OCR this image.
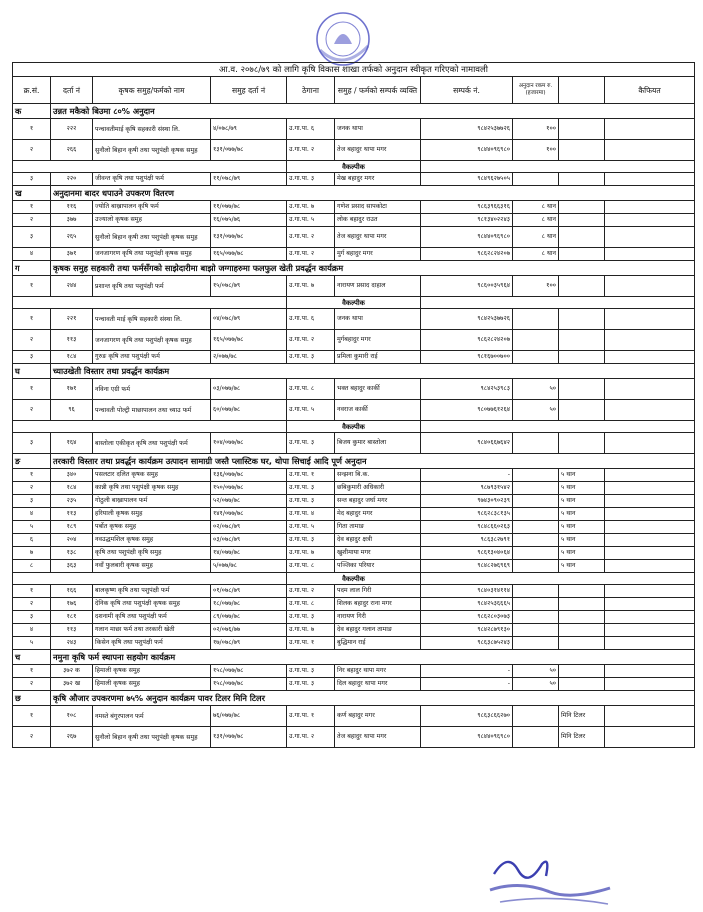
आ.व. २०७८/७९ को लागि कृषि विकास शाखा तर्फको अनुदान स्वीकृत गरिएको नामावली									
क्र.सं.	दर्ता नं	कृषक समुह/फर्मको नाम	समुह दर्ता नं	ठेगाना	समुह / फर्मको सम्पर्क व्यक्ति	सम्पर्क नं.	अनुदान रकम रु.(हजारमा)		कैफियत
क	उन्नत मकैको बिउमा ८०% अनुदान								
१	२२२	पन्चावतीमाई कृषि सहकारी संस्था लि.	४/०७८/७९	उ.गा.पा. ६	जनक थापा	९८४२५३७७२६	१००		
२	२६६	सुनौलो बिहान कृषी तथा पशुपंक्षी कृषक समुह	१३१/०७७/७८	उ.गा.पा. २	तेज बहादुर थापा मगर	९८४४०९६९८०	१००		
				वैकल्पीक					
३	२२०	जीवन्त कृषि तथा पशुपंक्षी फर्म	११/०७८/७९	उ.गा.पा. ३	मेख बहादुर मगर	९८४९६२७५०५			
ख	अनुदानमा बादर धपाउने उपकरण वितरण								
१	११६	ज्योति बाख्रापालन कृषि फर्म	११/०७७/७८	उ.गा.पा. ७	गणेश प्रसाद सापकोटा	९८६३९६६३१६	८ थान		
२	३७७	उज्यालो कृषक समुह	१६/०७५/७६	उ.गा.पा. ५	लोक बहादुर राउत	९८१३४०२२४३	८ थान		
३	२६५	सुनौलो बिहान कृषी तथा पशुपंक्षी कृषक समुह	१३१/०७७/७८	उ.गा.पा. २	तेज बहादुर थापा मगर	९८४४०९६९८०	८ थान		
४	३७१	जनजागरण कृषि तथा पशुपंक्षी कृषक समुह	१६५/०७७/७८	उ.गा.पा. २	मुर्ग बहादुर मगर	९८६२८२४२०७	८ थान		
ग	कृषक समुह सहकारी तथा फर्मसँगको साझेदारीमा बाझो जग्गाहरुमा फलफुल खेती प्रवर्द्धन कार्यक्रम								
१	२४४	प्रशान्त कृषि तथा पशुपंक्षी फर्म	१५/०७८/७९	उ.गा.पा. ७	नारायण प्रसाद दाहाल	९८६००३५९६४	१००		
				वैकल्पीक					
१	२२१	पन्चावती माई कृषि सहकारी संस्था लि.	०४/०७८/७९	उ.गा.पा. ६	जनक थापा	९८४२५३७७२६			
२	११३	जनजागरण कृषि तथा पशुपंक्षी कृषक समुह	१६५/०७७/७८	उ.गा.पा. २	मुर्गबहादुर मगर	९८६२८२४२०७			
३	१८४	गुरुङ कृषि तथा पशुपंक्षी फर्म	२/०७७/७८	उ.गा.पा. ३	प्रमिला कुमारी राई	९८१६७००७००			
घ	च्याउखेती विस्तार तथा प्रवर्द्धन कार्यक्रम								
१	१७१	नविना एग्री फर्म	०३/०७७/७८	उ.गा.पा. ८	भक्त बहादुर कार्की	९८४२५३९८३	५०		
२	९६	पन्चावती पोल्ट्री माछापालन तथा च्याउ फर्म	६०/०७७/७८	उ.गा.पा. ५	नवराज कार्की	९८०७७६१२६४	५०		
				वैकल्पीक					
३	१६४	बास्तोला एकीकृत कृषि तथा पशुपंक्षी फर्म	१०४/०७७/७८	उ.गा.पा. ३	बिजय कुमार बास्तोला	९८४०६६७६४२			
ङ	तरकारी विस्तार तथा प्रवर्द्धन कार्यक्रम उत्पादन सामाग्री जस्तै प्लास्टिक घर, थोपा सिचाई आदि पूर्ण अनुदान								
१	३४०	पसलटार दलित कृषक समुह	१३६/०७७/७८	उ.गा.पा. १	सन्झना बि.क.	-		५ थान	
२	१८४	कान्नी कृषि तथा पशुपंक्षी कृषक समुह	१५०/०७७/७८	उ.गा.पा. ३	छबिकुमारी अधिकारी	९८७९३१५४२		५ थान	
३	२३५	गोठुली बाख्रापालन फर्म	५२/०७७/७८	उ.गा.पा. ३	सन्त बहादुर जर्घा मगर	९७४३०९०२३९		५ थान	
४	११३	हरियाली कृषक समुह	१४१/०७७/७८	उ.गा.पा. ४	मेद बहादुर मगर	९८६२८३८१३५		५ थान	
५	१८९	पर्बोत कृषक समुह	०२/०७८/७९	उ.गा.पा. ५	गिता तामाङ	९८४८६६०२६३		५ थान	
६	२०४	नवउद्धमशिल कृषक समुह	०३/०७८/७९	उ.गा.पा. ३	देव बहादुर क्षत्री	९८६३८२७९१		५ थान	
७	१३८	कृषि तथा पशुपंक्षी कृषि समुह	१४/०७७/७८	उ.गा.पा. ७	खुशीमाया मगर	९८६१३०४०६४		५ थान	
८	३६३	नवाँ फुलबारी कृषक समुह	५/०७७/७८	उ.गा.पा. ८	पञ्जिका परियार	९८४८२७६९६९		५ थान	
				वैकल्पीक					
१	१६६	बालकृष्ण कृषि तथा पशुपंक्षी फर्म	०१/०७८/७९	उ.गा.पा. २	पदम लाल गिरी	९८४०३१४११४			
२	१७६	देनिक कृषि तथा पशुपंक्षी कृषक समुह	१८/०७७/७८	उ.गा.पा. ८	शिलक बहादुर राना मगर	९८४२५३६६६५			
३	१८१	दशनामी कृषि तथा पशुपंक्षी फर्म	८९/०७७/७८	उ.गा.पा. ३	नारायण गिरी	९८६२८०३०७३			
४	११३	गलान माछा फर्म तथा तरकारी खेती	०२/०७६/७७	उ.गा.पा. ७	देव बहादुर गलान तामाङ	९८४२८७९१३०			
५	२४३	किसेन कृषि तथा पशुपंक्षी फर्म	१७/०७८/७९	उ.गा.पा. १	बुद्धिमान राई	९८६३८७५२४३			
च	नमुना कृषि फर्म स्थापना सहयोग कार्यक्रम								
१	३७२ क	हिमाली कृषक समुह	१५८/०७७/७८	उ.गा.पा. ३	निर बहादुर थापा मगर	-	५०		
२	३७२ ख	हिमाली कृषक समुह	१५८/०७७/७८	उ.गा.पा. ३	दिल बहादुर थापा मगर	-	५०		
छ	कृषि औजार उपकरणमा ७५% अनुदान कार्यक्रम पावर टिलर मिनि टिलर								
१	१०८	नमस्ते बंगुरपालन फर्म	७६/०७७/७८	उ.गा.पा. १	कर्ण बहादुर मगर	९८६३८६६२७०		मिनि टिलर	
२	२६७	सुनौलो बिहान कृषी तथा पशुपंक्षी कृषक समुह	१३१/०७७/७८	उ.गा.पा. २	तेज बहादुर थापा मगर	९८४४०९६९८०		मिनि टिलर	
